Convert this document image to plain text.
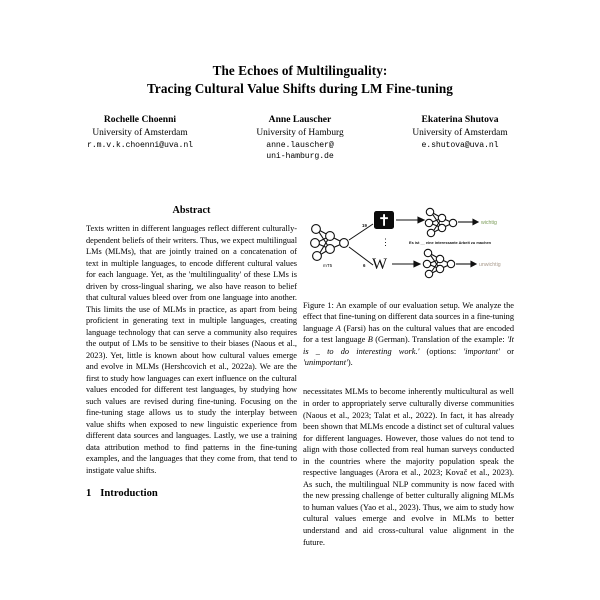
The Echoes of Multilinguality:
Tracing Cultural Value Shifts during LM Fine-tuning
Rochelle Choenni
University of Amsterdam
r.m.v.k.choenni@uva.nl
Anne Lauscher
University of Hamburg
anne.lauscher@
uni-hamburg.de
Ekaterina Shutova
University of Amsterdam
e.shutova@uva.nl
Abstract

Texts written in different languages reflect different culturally-dependent beliefs of their writers. Thus, we expect multilingual LMs (MLMs), that are jointly trained on a concatenation of text in multiple languages, to encode different cultural values for each language. Yet, as the 'multilinguality' of these LMs is driven by cross-lingual sharing, we also have reason to belief that cultural values bleed over from one language into another. This limits the use of MLMs in practice, as apart from being proficient in generating text in multiple languages, creating language technology that can serve a community also requires the output of LMs to be sensitive to their biases (Naous et al., 2023). Yet, little is known about how cultural values emerge and evolve in MLMs (Hershcovich et al., 2022a). We are the first to study how languages can exert influence on the cultural values encoded for different test languages, by studying how such values are revised during fine-tuning. Focusing on the fine-tuning stage allows us to study the interplay between value shifts when exposed to new linguistic experience from different data sources and languages. Lastly, we use a training data attribution method to find patterns in the fine-tuning examples, and the languages that they come from, that tend to instigate value shifts.

1 Introduction
mT5
19
6
⋮
W
wichtig
Es ist __ eine interessante Arbeit zu machen
unwichtig
Figure 1: An example of our evaluation setup. We analyze the effect that fine-tuning on different data sources in a fine-tuning language A (Farsi) has on the cultural values that are encoded for a test language B (German). Translation of the example: 'It is _ to do interesting work.' (options: 'important' or 'unimportant').

necessitates MLMs to become inherently multicultural as well in order to appropriately serve culturally diverse communities (Naous et al., 2023; Talat et al., 2022). In fact, it has already been shown that MLMs encode a distinct set of cultural values for different languages. However, those values do not tend to align with those collected from real human surveys conducted in the countries where the majority population speak the respective languages (Arora et al., 2023; Kovač et al., 2023). As such, the multilingual NLP community is now faced with the new pressing challenge of better culturally aligning MLMs to human values (Yao et al., 2023). Thus, we aim to study how cultural values emerge and evolve in MLMs to better understand and aid cross-cultural value alignment in the future.
